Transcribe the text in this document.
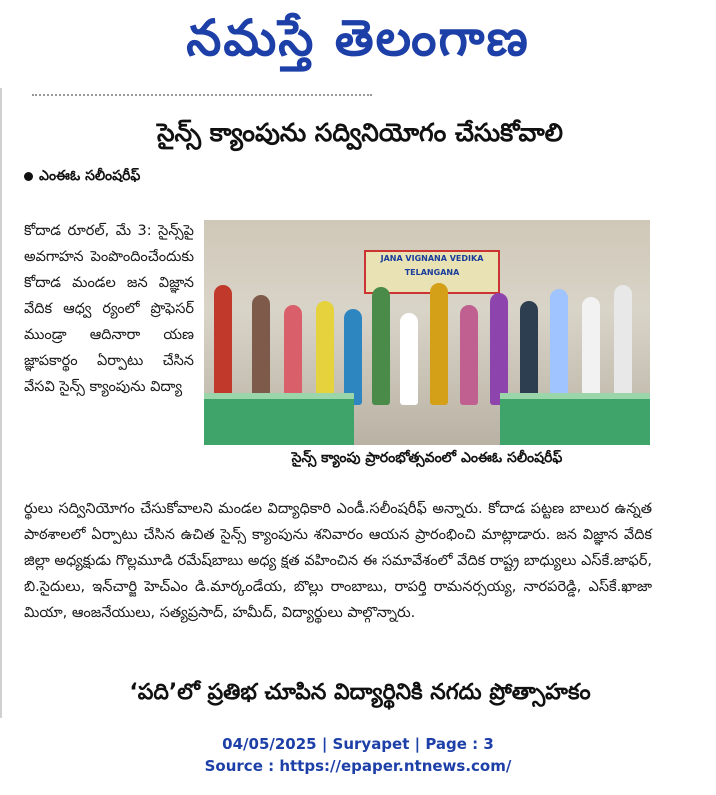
నమస్తే తెలంగాణ
సైన్స్ క్యాంపును సద్వినియోగం చేసుకోవాలి
ఎంఈఓ సలీంషరీఫ్
కోదాడ రూరల్, మే 3: సైన్స్‌పై అవగాహన పెంపొందించేందుకు కోదాడ మండల జన విజ్ఞాన వేదిక ఆధ్వ ర్యంలో ప్రొఫెసర్ ముండ్రా ఆదినారా యణ జ్ఞాపకార్థం ఏర్పాటు చేసిన వేసవి సైన్స్ క్యాంపును విద్యా
JANA VIGNANA VEDIKA TELANGANA
సైన్స్ క్యాంపు ప్రారంభోత్సవంలో ఎంఈఓ సలీంషరీఫ్
ర్థులు సద్వినియోగం చేసుకోవాలని మండల విద్యాధికారి ఎండీ.సలీంషరీఫ్ అన్నారు. కోదాడ పట్టణ బాలుర ఉన్నత పాఠశాలలో ఏర్పాటు చేసిన ఉచిత సైన్స్ క్యాంపును శనివారం ఆయన ప్రారంభించి మాట్లాడారు. జన విజ్ఞాన వేదిక జిల్లా అధ్యక్షుడు గొల్లమూడి రమేష్‌బాబు అధ్య క్షత వహించిన ఈ సమావేశంలో వేదిక రాష్ట్ర బాధ్యులు ఎస్‌కే.జాఫర్, బి.సైదులు, ఇన్‌చార్జి హెచ్ఎం డి.మార్కండేయ, బొల్లు రాంబాబు, రాపర్తి రామనర్సయ్య, నారపరెడ్డి, ఎస్‌కే.ఖాజా మియా, ఆంజనేయులు, సత్యప్రసాద్, హమీద్, విద్యార్థులు పాల్గొన్నారు.
‘పది’లో ప్రతిభ చూపిన విద్యార్థినికి నగదు ప్రోత్సాహకం
04/05/2025 | Suryapet | Page : 3
Source : https://epaper.ntnews.com/
